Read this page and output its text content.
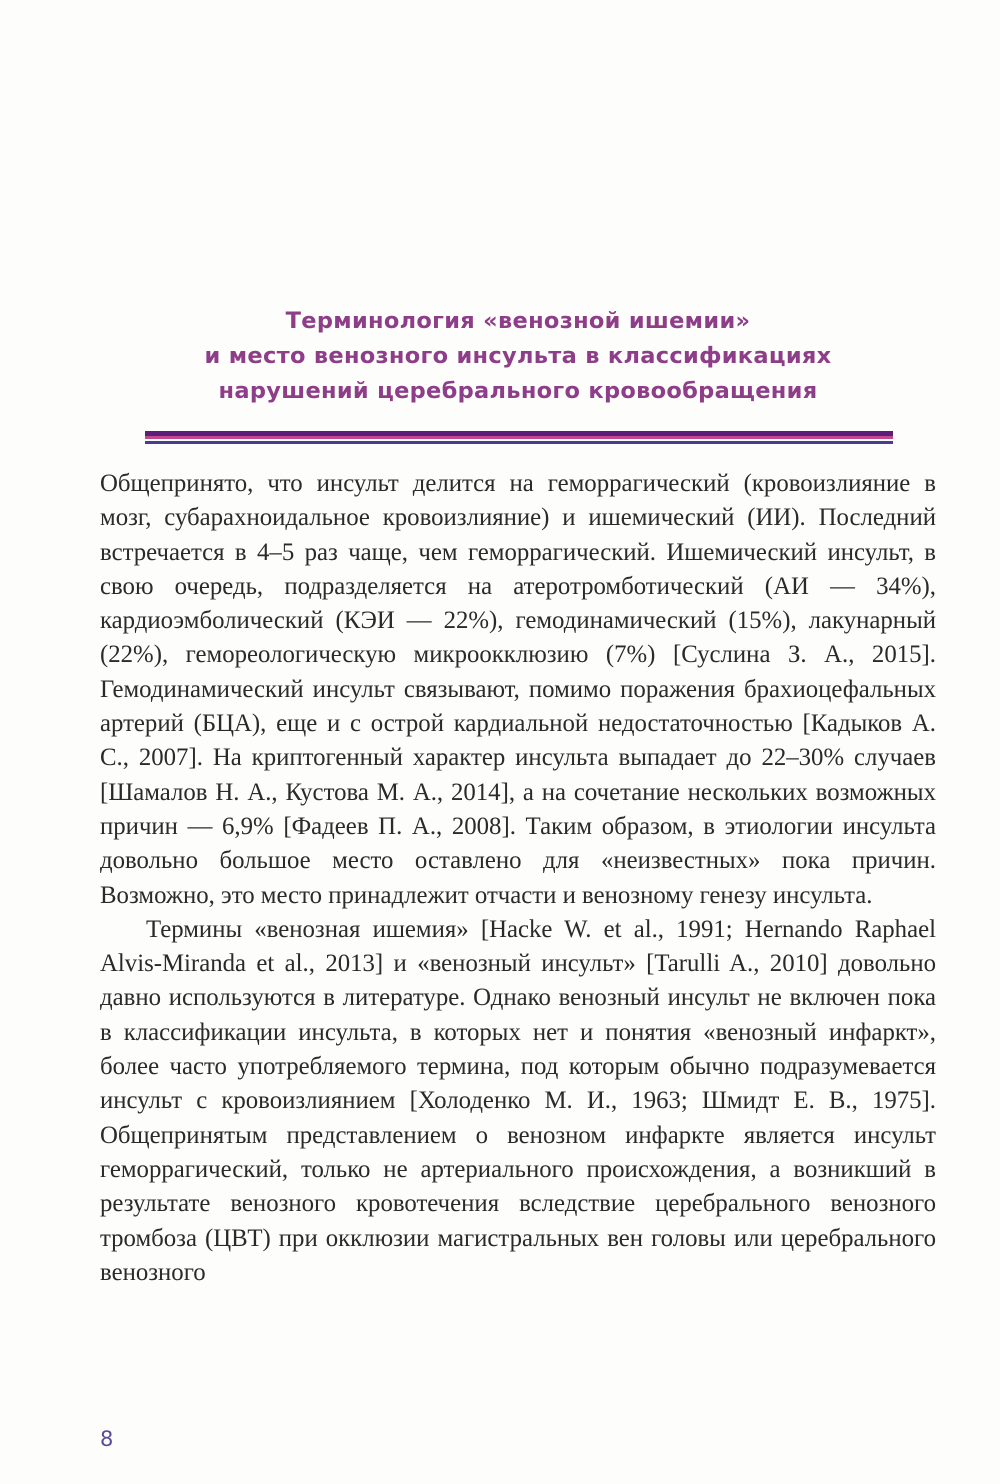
Терминология «венозной ишемии»
и место венозного инсульта в классификациях
нарушений церебрального кровообращения

Общепринято, что инсульт делится на геморрагический (кровоизлияние в мозг, субарахноидальное кровоизлияние) и ишемический (ИИ). Последний встречается в 4–5 раз чаще, чем геморрагический. Ишемический инсульт, в свою очередь, подразделяется на атеротромботический (АИ — 34%), кардиоэмболический (КЭИ — 22%), гемодинамический (15%), лакунарный (22%), гемореологическую микроокклюзию (7%) [Суслина З. А., 2015]. Гемодинамический инсульт связывают, помимо поражения брахиоцефальных артерий (БЦА), еще и с острой кардиальной недостаточностью [Кадыков А. С., 2007]. На криптогенный характер инсульта выпадает до 22–30% случаев [Шамалов Н. А., Кустова М. А., 2014], а на сочетание нескольких возможных причин — 6,9% [Фадеев П. А., 2008]. Таким образом, в этиологии инсульта довольно большое место оставлено для «неизвестных» пока причин. Возможно, это место принадлежит отчасти и венозному генезу инсульта.

Термины «венозная ишемия» [Hacke W. et al., 1991; Hernando Raphael Alvis-Miranda et al., 2013] и «венозный инсульт» [Tarulli A., 2010] довольно давно используются в литературе. Однако венозный инсульт не включен пока в классификации инсульта, в которых нет и понятия «венозный инфаркт», более часто употребляемого термина, под которым обычно подразумевается инсульт с кровоизлиянием [Холоденко М. И., 1963; Шмидт Е. В., 1975]. Общепринятым представлением о венозном инфаркте является инсульт геморрагический, только не артериального происхождения, а возникший в результате венозного кровотечения вследствие церебрального венозного тромбоза (ЦВТ) при окклюзии магистральных вен головы или церебрального венозного

8
